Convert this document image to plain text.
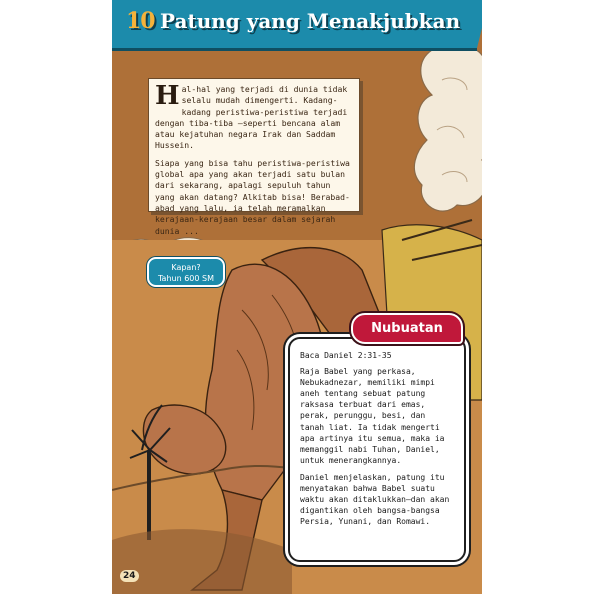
10 Patung yang Menakjubkan

H al-hal yang terjadi di dunia tidak selalu mudah dimengerti. Kadang-kadang peristiwa-peristiwa terjadi dengan tiba-tiba —seperti bencana alam atau kejatuhan negara Irak dan Saddam Hussein.

Siapa yang bisa tahu peristiwa-peristiwa global apa yang akan terjadi satu bulan dari sekarang, apalagi sepuluh tahun yang akan datang? Alkitab bisa! Berabad-abad yang lalu, ia telah meramalkan kerajaan-kerajaan besar dalam sejarah dunia ...

Kapan?
Tahun 600 SM

Baca Daniel 2:31-35

Raja Babel yang perkasa, Nebukadnezar, memiliki mimpi aneh tentang sebuat patung raksasa terbuat dari emas, perak, perunggu, besi, dan tanah liat. Ia tidak mengerti apa artinya itu semua, maka ia memanggil nabi Tuhan, Daniel, untuk menerangkannya.

Daniel menjelaskan, patung itu menyatakan bahwa Babel suatu waktu akan ditaklukkan—dan akan digantikan oleh bangsa-bangsa Persia, Yunani, dan Romawi.

Nubuatan
24
